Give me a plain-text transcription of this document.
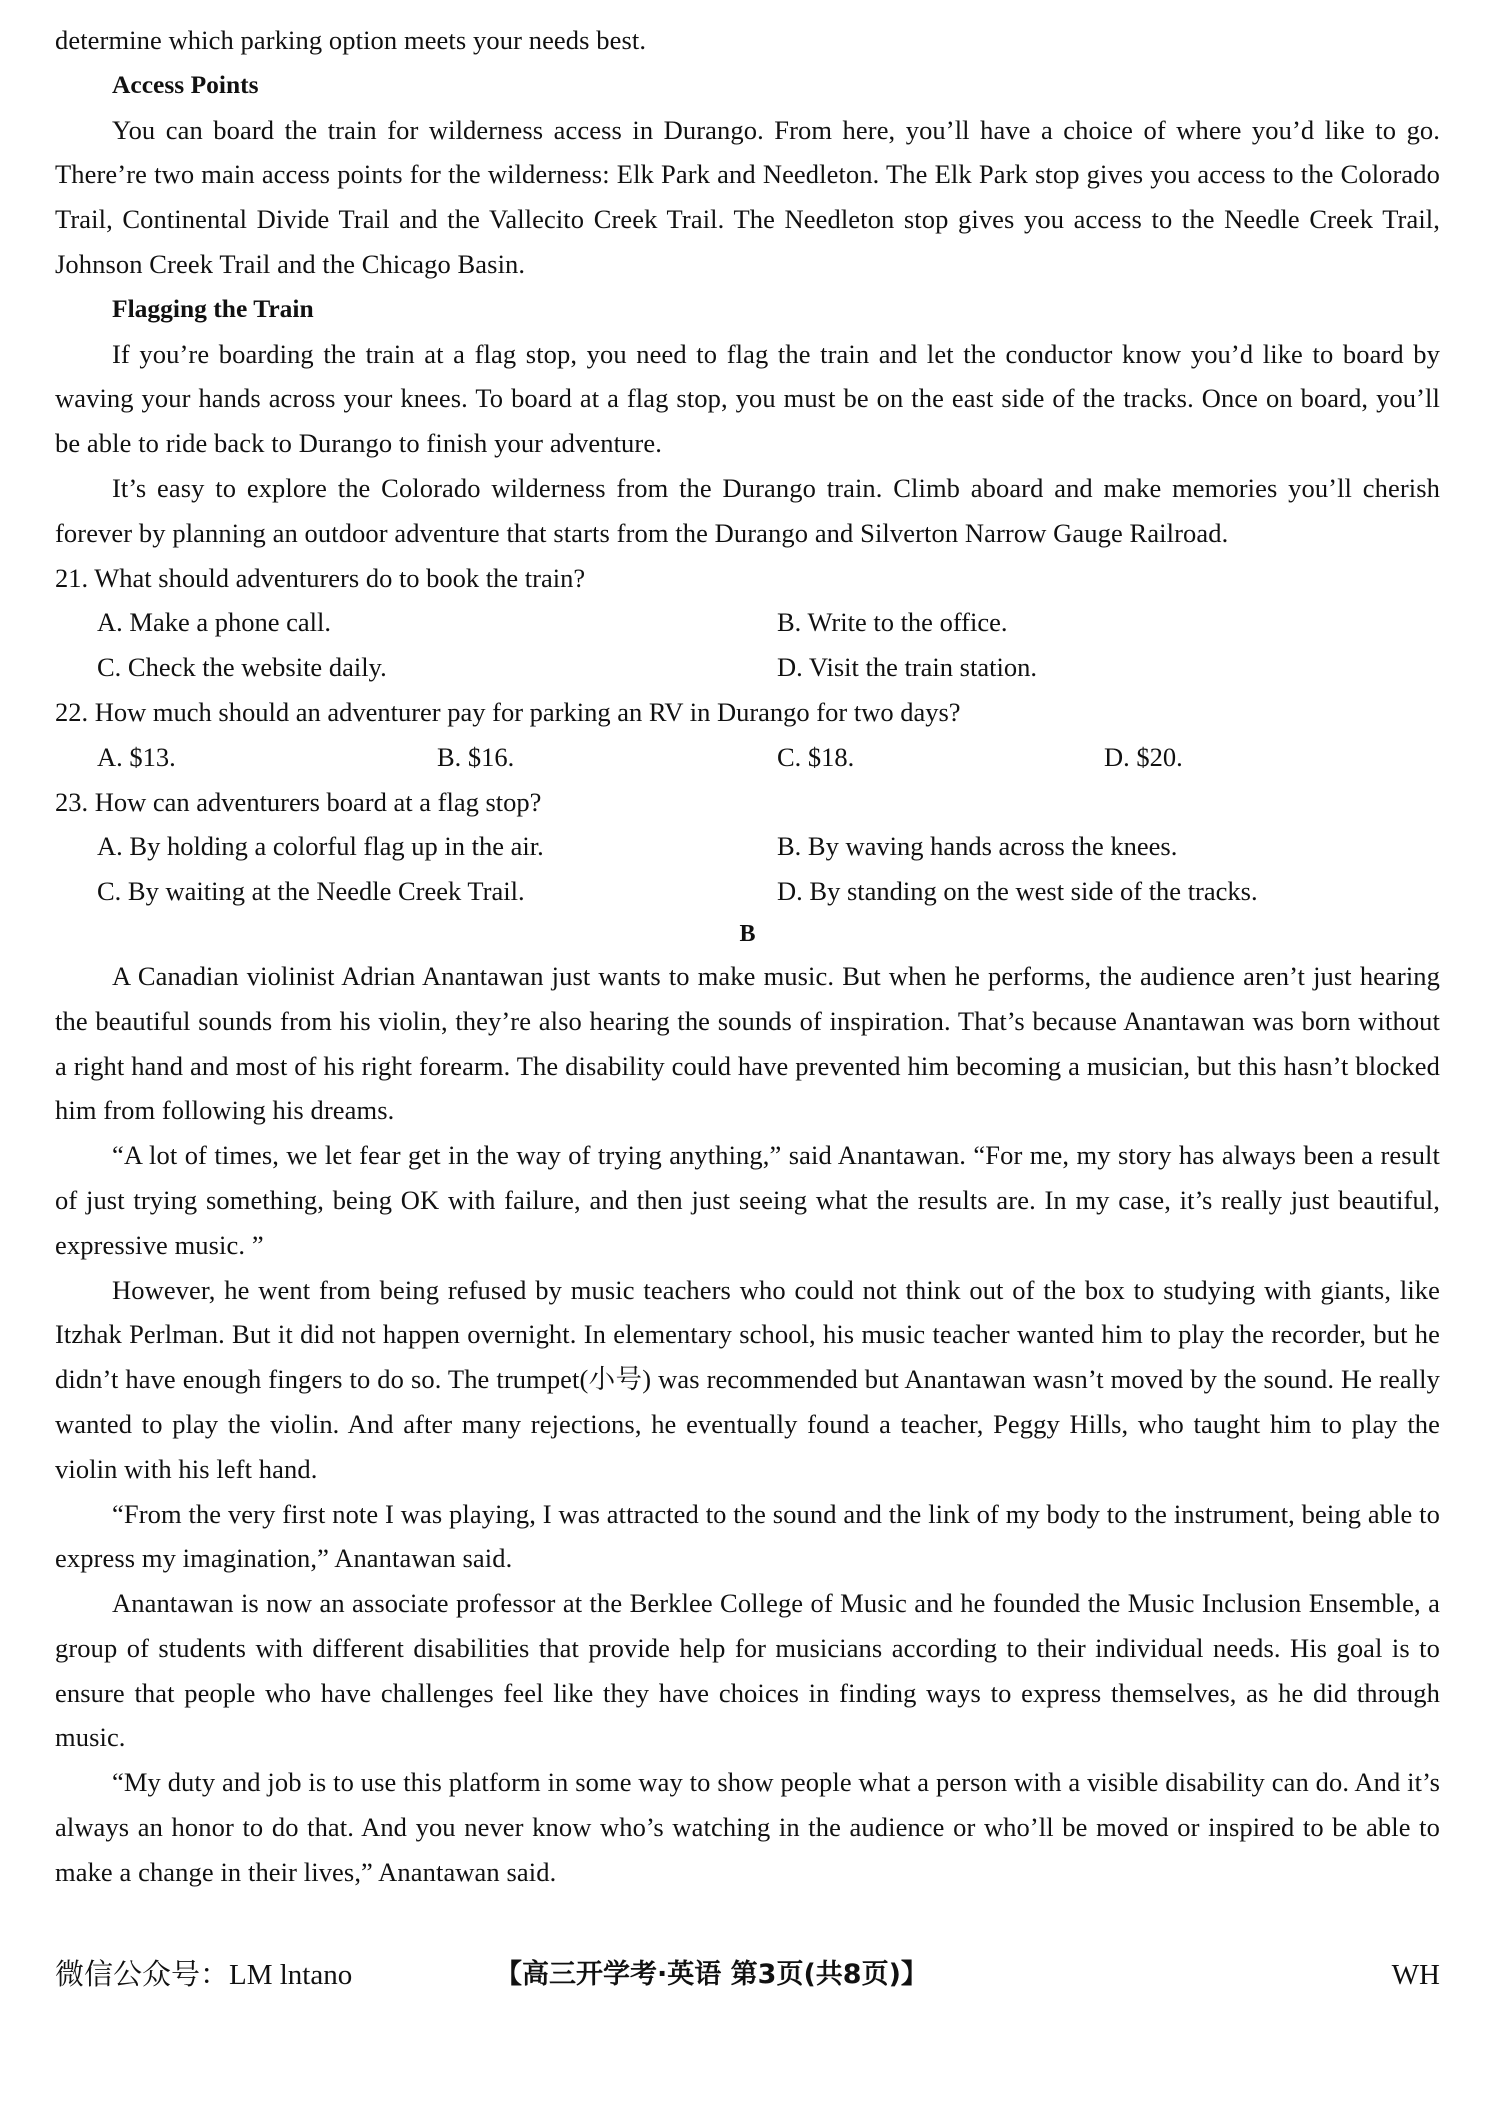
determine which parking option meets your needs best.

Access Points

You can board the train for wilderness access in Durango. From here, you’ll have a choice of where you’d like to go. There’re two main access points for the wilderness: Elk Park and Needleton. The Elk Park stop gives you access to the Colorado Trail, Continental Divide Trail and the Vallecito Creek Trail. The Needleton stop gives you access to the Needle Creek Trail, Johnson Creek Trail and the Chicago Basin.

Flagging the Train

If you’re boarding the train at a flag stop, you need to flag the train and let the conductor know you’d like to board by waving your hands across your knees. To board at a flag stop, you must be on the east side of the tracks. Once on board, you’ll be able to ride back to Durango to finish your adventure.

It’s easy to explore the Colorado wilderness from the Durango train. Climb aboard and make memories you’ll cherish forever by planning an outdoor adventure that starts from the Durango and Silverton Narrow Gauge Railroad.

21. What should adventurers do to book the train?

A. Make a phone call.	B. Write to the office.
C. Check the website daily.	D. Visit the train station.

22. How much should an adventurer pay for parking an RV in Durango for two days?

A. $13.	B. $16.	C. $18.	D. $20.

23. How can adventurers board at a flag stop?

A. By holding a colorful flag up in the air.	B. By waving hands across the knees.
C. By waiting at the Needle Creek Trail.	D. By standing on the west side of the tracks.

B

A Canadian violinist Adrian Anantawan just wants to make music. But when he performs, the audience aren’t just hearing the beautiful sounds from his violin, they’re also hearing the sounds of inspiration. That’s because Anantawan was born without a right hand and most of his right forearm. The disability could have prevented him becoming a musician, but this hasn’t blocked him from following his dreams.

“A lot of times, we let fear get in the way of trying anything,” said Anantawan. “For me, my story has always been a result of just trying something, being OK with failure, and then just seeing what the results are. In my case, it’s really just beautiful, expressive music. ”

However, he went from being refused by music teachers who could not think out of the box to studying with giants, like Itzhak Perlman. But it did not happen overnight. In elementary school, his music teacher wanted him to play the recorder, but he didn’t have enough fingers to do so. The trumpet(小号) was recommended but Anantawan wasn’t moved by the sound. He really wanted to play the violin. And after many rejections, he eventually found a teacher, Peggy Hills, who taught him to play the violin with his left hand.

“From the very first note I was playing, I was attracted to the sound and the link of my body to the instrument, being able to express my imagination,” Anantawan said.

Anantawan is now an associate professor at the Berklee College of Music and he founded the Music Inclusion Ensemble, a group of students with different disabilities that provide help for musicians according to their individual needs. His goal is to ensure that people who have challenges feel like they have choices in finding ways to express themselves, as he did through music.

“My duty and job is to use this platform in some way to show people what a person with a visible disability can do. And it’s always an honor to do that. And you never know who’s watching in the audience or who’ll be moved or inspired to be able to make a change in their lives,” Anantawan said.

微信公众号：LM lntano	【高三开学考·英语 第3页(共8页)】	WH
